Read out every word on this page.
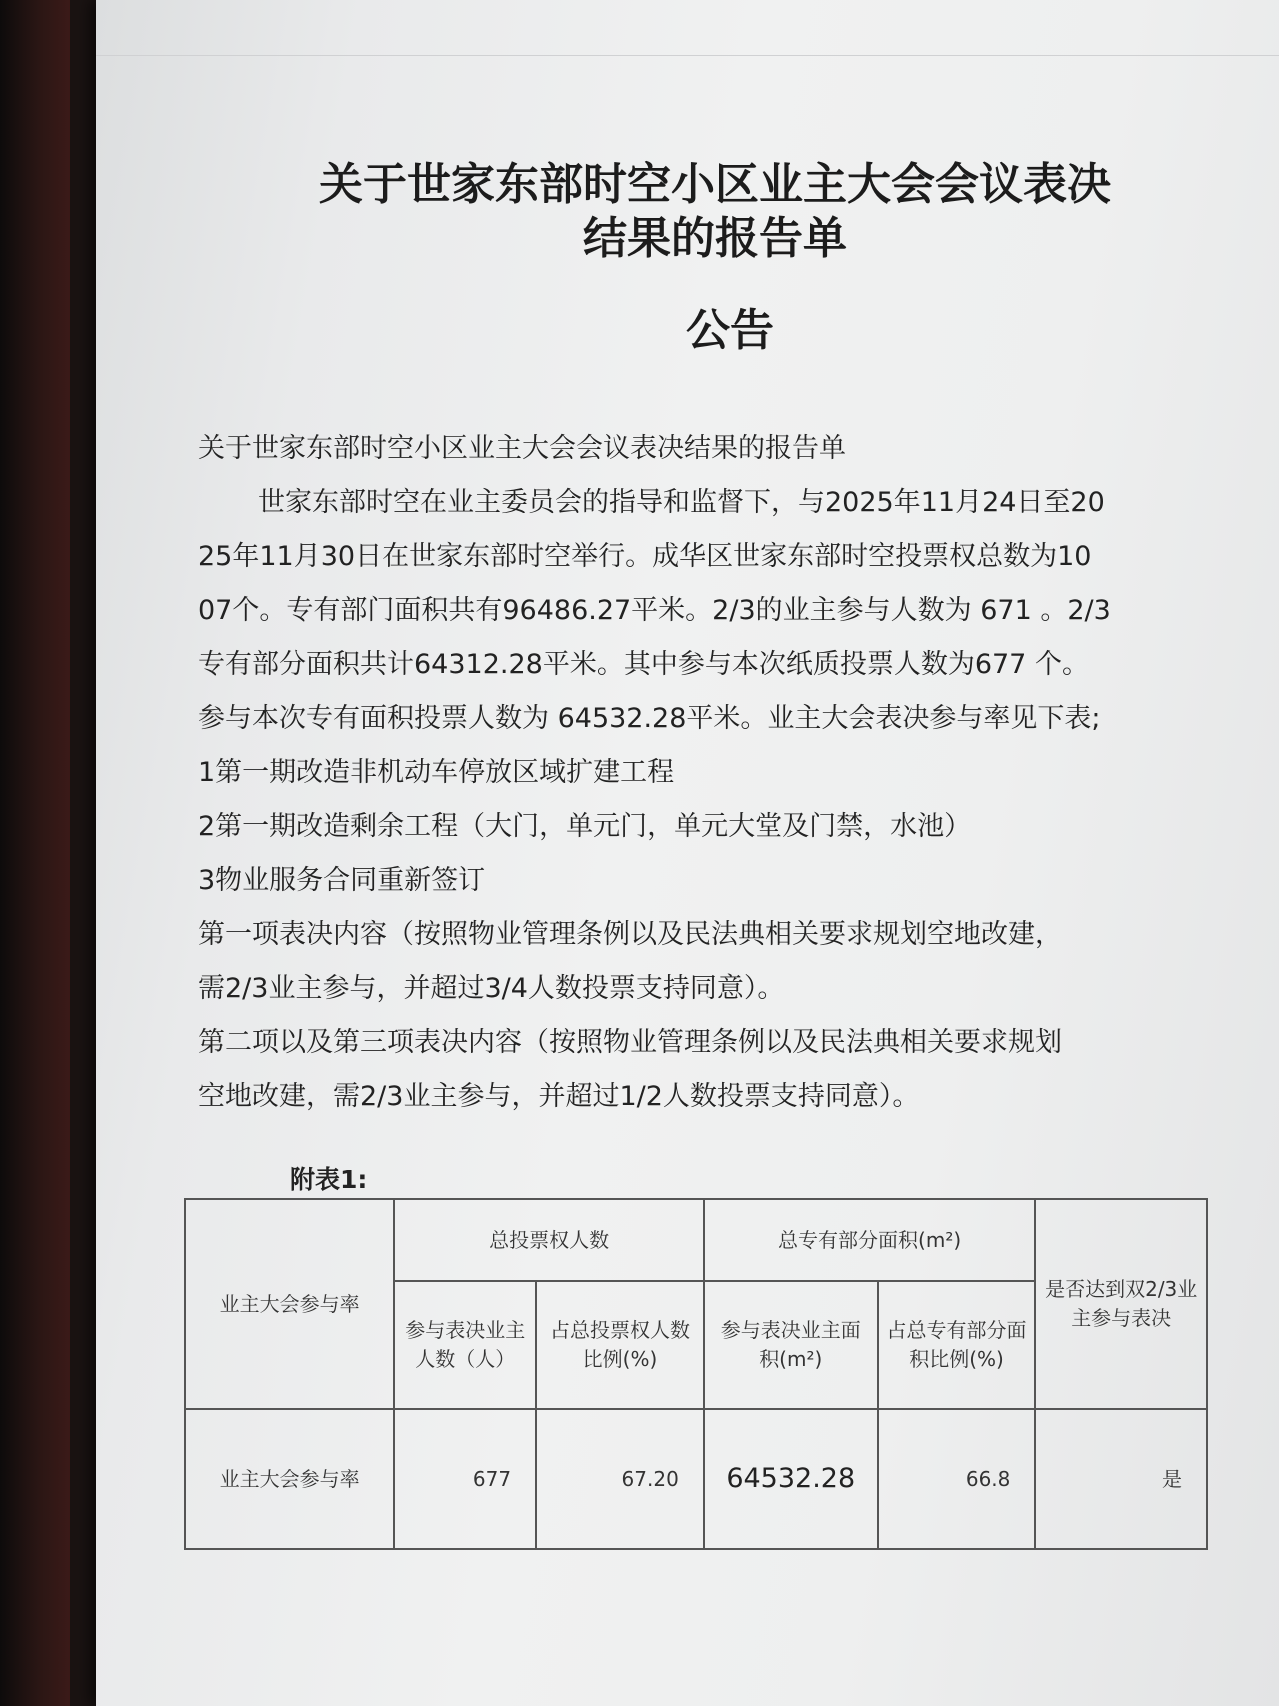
关于世家东部时空小区业主大会会议表决结果的报告单
公告

关于世家东部时空小区业主大会会议表决结果的报告单

世家东部时空在业主委员会的指导和监督下，与2025年11月24日至20

25年11月30日在世家东部时空举行。成华区世家东部时空投票权总数为10

07个。专有部门面积共有96486.27平米。2/3的业主参与人数为 671 。2/3

专有部分面积共计64312.28平米。其中参与本次纸质投票人数为677 个。

参与本次专有面积投票人数为 64532.28平米。业主大会表决参与率见下表;

1第一期改造非机动车停放区域扩建工程

2第一期改造剩余工程（大门，单元门，单元大堂及门禁，水池）

3物业服务合同重新签订

第一项表决内容（按照物业管理条例以及民法典相关要求规划空地改建，

需2/3业主参与，并超过3/4人数投票支持同意）。

第二项以及第三项表决内容（按照物业管理条例以及民法典相关要求规划

空地改建，需2/3业主参与，并超过1/2人数投票支持同意）。

附表1:
业主大会参与率	总投票权人数		总专有部分面积(m²)		是否达到双2/3业主参与表决
	参与表决业主人数（人）	占总投票权人数比例(%)	参与表决业主面积(m²)	占总专有部分面积比例(%)	
业主大会参与率	677	67.20	64532.28	66.8	是
